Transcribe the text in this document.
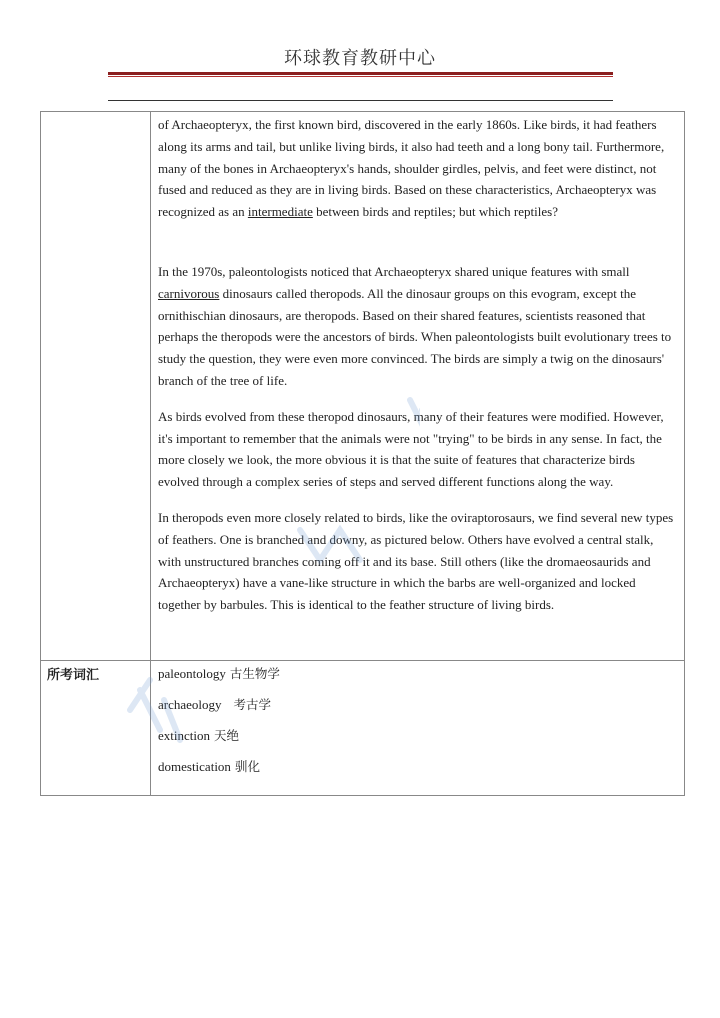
环球教育教研中心

	of Archaeopteryx, the first known bird, discovered in the early 1860s. Like birds, it had feathers along its arms and tail, but unlike living birds, it also had teeth and a long bony tail. Furthermore, many of the bones in Archaeopteryx's hands, shoulder girdles, pelvis, and feet were distinct, not fused and reduced as they are in living birds. Based on these characteristics, Archaeopteryx was recognized as an intermediate between birds and reptiles; but which reptiles?

In the 1970s, paleontologists noticed that Archaeopteryx shared unique features with small carnivorous dinosaurs called theropods. All the dinosaur groups on this evogram, except the ornithischian dinosaurs, are theropods. Based on their shared features, scientists reasoned that perhaps the theropods were the ancestors of birds. When paleontologists built evolutionary trees to study the question, they were even more convinced. The birds are simply a twig on the dinosaurs' branch of the tree of life.

As birds evolved from these theropod dinosaurs, many of their features were modified. However, it's important to remember that the animals were not "trying" to be birds in any sense. In fact, the more closely we look, the more obvious it is that the suite of features that characterize birds evolved through a complex series of steps and served different functions along the way.

In theropods even more closely related to birds, like the oviraptorosaurs, we find several new types of feathers. One is branched and downy, as pictured below. Others have evolved a central stalk, with unstructured branches coming off it and its base. Still others (like the dromaeosaurids and Archaeopteryx) have a vane-like structure in which the barbs are well-organized and locked together by barbules. This is identical to the feather structure of living birds.

所考词汇	paleontology 古生物学
archaeology  考古学
extinction 天绝
domestication 驯化
